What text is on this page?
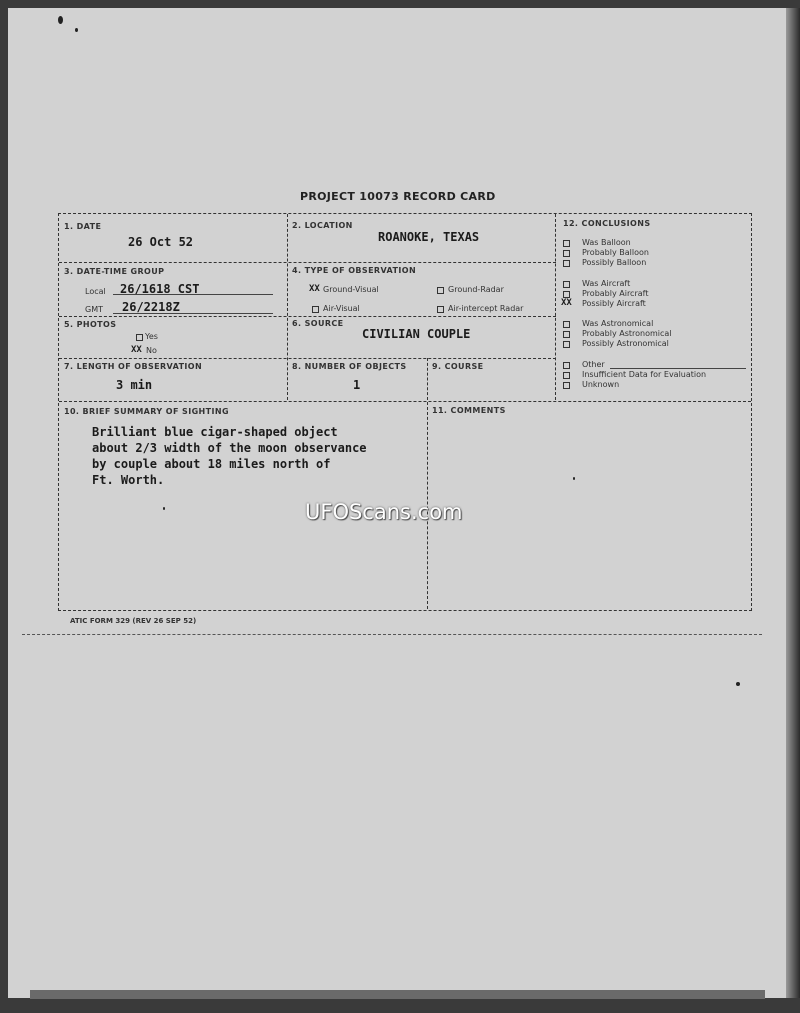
PROJECT 10073 RECORD CARD
1. DATE
26 Oct 52
2. LOCATION
ROANOKE, TEXAS
3. DATE-TIME GROUP
Local 26/1618 CST
GMT 26/2218Z
4. TYPE OF OBSERVATION
XX Ground-Visual	Ground-Radar
Air-Visual	Air-intercept Radar
5. PHOTOS
Yes
XX No
6. SOURCE
CIVILIAN COUPLE
7. LENGTH OF OBSERVATION
3 min
8. NUMBER OF OBJECTS
1
9. COURSE
10. BRIEF SUMMARY OF SIGHTING
Brilliant blue cigar-shaped object
about 2/3 width of the moon observance
by couple about 18 miles north of
Ft. Worth.
11. COMMENTS
12. CONCLUSIONS
Was Balloon
Probably Balloon
Possibly Balloon
Was Aircraft
Probably Aircraft
XX Possibly Aircraft
Was Astronomical
Probably Astronomical
Possibly Astronomical
Other
Insufficient Data for Evaluation
Unknown
ATIC FORM 329 (REV 26 SEP 52)
UFOScans.com
